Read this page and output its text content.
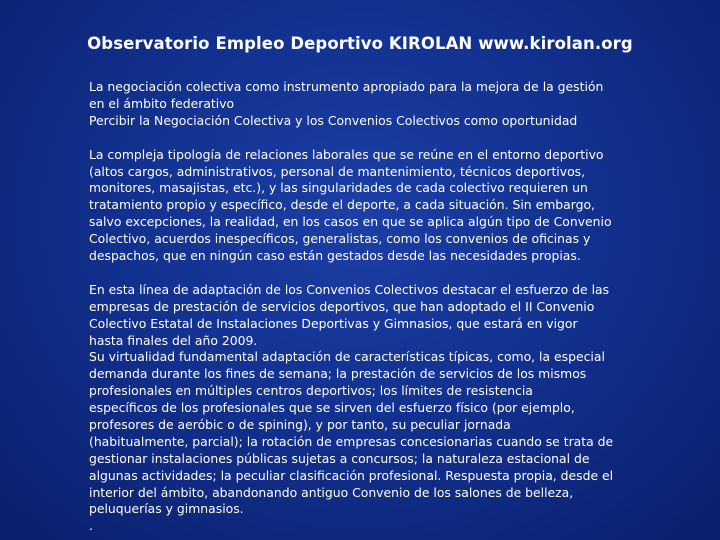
Observatorio Empleo Deportivo KIROLAN www.kirolan.org
La negociación colectiva como instrumento apropiado para la mejora de la gestión
en el ámbito federativo
Percibir la Negociación Colectiva y los Convenios Colectivos como oportunidad
La compleja tipología de relaciones laborales que se reúne en el entorno deportivo
(altos cargos, administrativos, personal de mantenimiento, técnicos deportivos,
monitores, masajistas, etc.), y las singularidades de cada colectivo requieren un
tratamiento propio y específico, desde el deporte, a cada situación. Sin embargo,
salvo excepciones, la realidad, en los casos en que se aplica algún tipo de Convenio
Colectivo, acuerdos inespecíficos, generalistas, como los convenios de oficinas y
despachos, que en ningún caso están gestados desde las necesidades propias.
En esta línea de adaptación de los Convenios Colectivos destacar el esfuerzo de las
empresas de prestación de servicios deportivos, que han adoptado el II Convenio
Colectivo Estatal de Instalaciones Deportivas y Gimnasios, que estará en vigor
hasta finales del año 2009.
Su virtualidad fundamental adaptación de características típicas, como, la especial
demanda durante los fines de semana; la prestación de servicios de los mismos
profesionales en múltiples centros deportivos; los límites de resistencia
específicos de los profesionales que se sirven del esfuerzo físico (por ejemplo,
profesores de aeróbic o de spining), y por tanto, su peculiar jornada
(habitualmente, parcial); la rotación de empresas concesionarias cuando se trata de
gestionar instalaciones públicas sujetas a concursos; la naturaleza estacional de
algunas actividades; la peculiar clasificación profesional. Respuesta propia, desde el
interior del ámbito, abandonando antiguo Convenio de los salones de belleza,
peluquerías y gimnasios.
.
